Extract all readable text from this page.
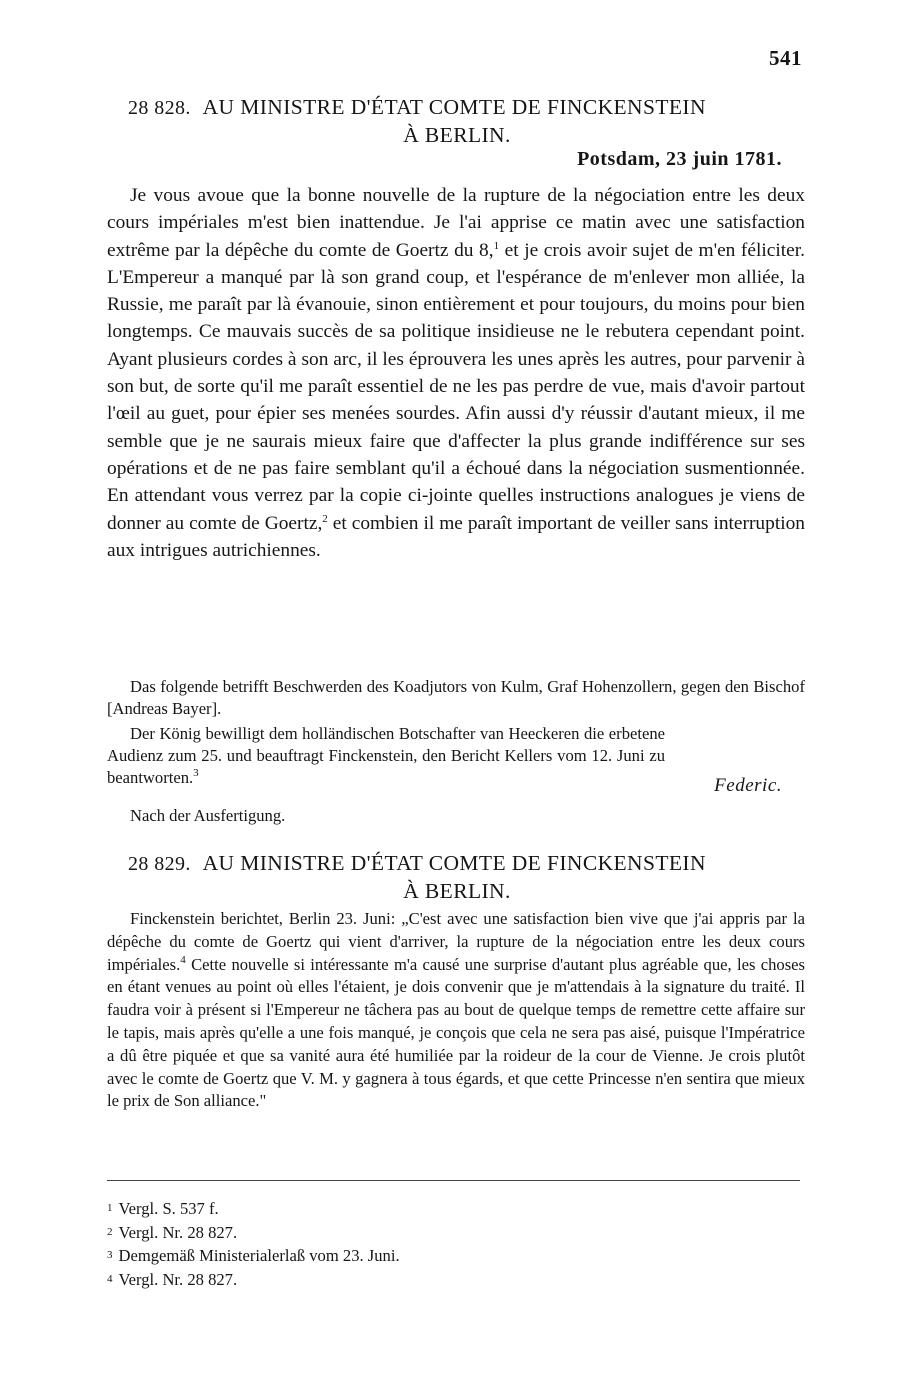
541
28 828. AU MINISTRE D'ÉTAT COMTE DE FINCKENSTEIN
À BERLIN.
Potsdam, 23 juin 1781.

Je vous avoue que la bonne nouvelle de la rupture de la négociation entre les deux cours impériales m'est bien inattendue. Je l'ai apprise ce matin avec une satisfaction extrême par la dépêche du comte de Goertz du 8,$^1$ et je crois avoir sujet de m'en féliciter. L'Empereur a manqué par là son grand coup, et l'espérance de m'enlever mon alliée, la Russie, me paraît par là évanouie, sinon entièrement et pour toujours, du moins pour bien longtemps. Ce mauvais succès de sa politique insidieuse ne le rebutera cependant point. Ayant plusieurs cordes à son arc, il les éprouvera les unes après les autres, pour parvenir à son but, de sorte qu'il me paraît essentiel de ne les pas perdre de vue, mais d'avoir partout l'œil au guet, pour épier ses menées sourdes. Afin aussi d'y réussir d'autant mieux, il me semble que je ne saurais mieux faire que d'affecter la plus grande indifférence sur ses opérations et de ne pas faire semblant qu'il a échoué dans la négociation susmentionnée. En attendant vous verrez par la copie ci-jointe quelles instructions analogues je viens de donner au comte de Goertz,$^2$ et combien il me paraît important de veiller sans interruption aux intrigues autrichiennes.

Das folgende betrifft Beschwerden des Koadjutors von Kulm, Graf Hohenzollern, gegen den Bischof [Andreas Bayer].

Der König bewilligt dem holländischen Botschafter van Heeckeren die erbetene Audienz zum 25. und beauftragt Finckenstein, den Bericht Kellers vom 12. Juni zu beantworten.$^3$

Federic.
Nach der Ausfertigung.
28 829. AU MINISTRE D'ÉTAT COMTE DE FINCKENSTEIN
À BERLIN.

Finckenstein berichtet, Berlin 23. Juni: „C'est avec une satisfaction bien vive que j'ai appris par la dépêche du comte de Goertz qui vient d'arriver, la rupture de la négociation entre les deux cours impériales.$^4$ Cette nouvelle si intéressante m'a causé une surprise d'autant plus agréable que, les choses en étant venues au point où elles l'étaient, je dois convenir que je m'attendais à la signature du traité. Il faudra voir à présent si l'Empereur ne tâchera pas au bout de quelque temps de remettre cette affaire sur le tapis, mais après qu'elle a une fois manqué, je conçois que cela ne sera pas aisé, puisque l'Impératrice a dû être piquée et que sa vanité aura été humiliée par la roideur de la cour de Vienne. Je crois plutôt avec le comte de Goertz que V. M. y gagnera à tous égards, et que cette Princesse n'en sentira que mieux le prix de Son alliance."

$^1$ Vergl. S. 537 f.
$^2$ Vergl. Nr. 28 827.
$^3$ Demgemäß Ministerialerlaß vom 23. Juni.
$^4$ Vergl. Nr. 28 827.
